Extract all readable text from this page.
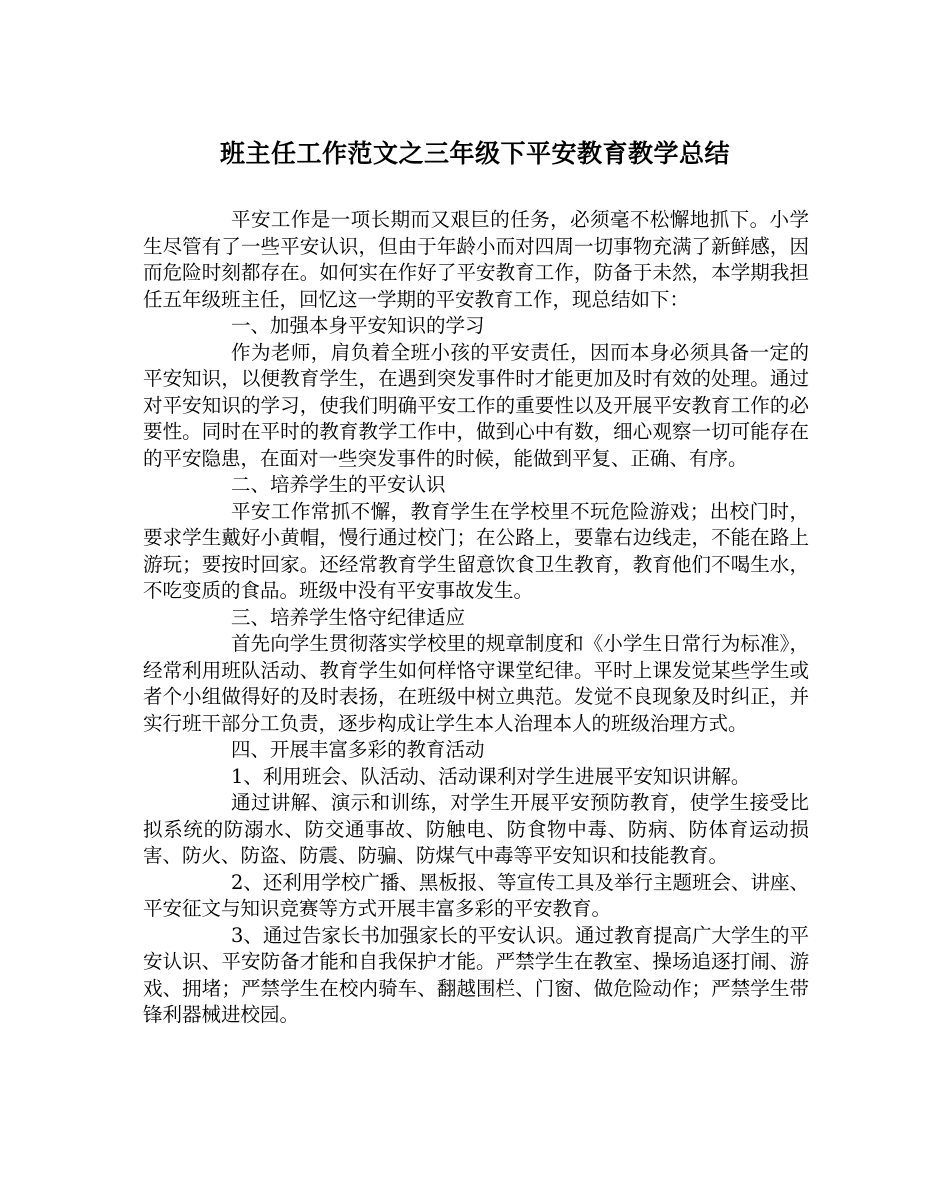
班主任工作范文之三年级下平安教育教学总结

平安工作是一项长期而又艰巨的任务，必须毫不松懈地抓下。小学生尽管有了一些平安认识，但由于年龄小而对四周一切事物充满了新鲜感，因而危险时刻都存在。如何实在作好了平安教育工作，防备于未然，本学期我担任五年级班主任，回忆这一学期的平安教育工作，现总结如下：

一、加强本身平安知识的学习

作为老师，肩负着全班小孩的平安责任，因而本身必须具备一定的平安知识，以便教育学生，在遇到突发事件时才能更加及时有效的处理。通过对平安知识的学习，使我们明确平安工作的重要性以及开展平安教育工作的必要性。同时在平时的教育教学工作中，做到心中有数，细心观察一切可能存在的平安隐患，在面对一些突发事件的时候，能做到平复、正确、有序。

二、培养学生的平安认识

平安工作常抓不懈，教育学生在学校里不玩危险游戏；出校门时，要求学生戴好小黄帽，慢行通过校门；在公路上，要靠右边线走，不能在路上游玩；要按时回家。还经常教育学生留意饮食卫生教育，教育他们不喝生水，不吃变质的食品。班级中没有平安事故发生。

三、培养学生恪守纪律适应

首先向学生贯彻落实学校里的规章制度和《小学生日常行为标准》，经常利用班队活动、教育学生如何样恪守课堂纪律。平时上课发觉某些学生或者个小组做得好的及时表扬，在班级中树立典范。发觉不良现象及时纠正，并实行班干部分工负责，逐步构成让学生本人治理本人的班级治理方式。

四、开展丰富多彩的教育活动

1、利用班会、队活动、活动课利对学生进展平安知识讲解。

通过讲解、演示和训练，对学生开展平安预防教育，使学生接受比拟系统的防溺水、防交通事故、防触电、防食物中毒、防病、防体育运动损害、防火、防盗、防震、防骗、防煤气中毒等平安知识和技能教育。

2、还利用学校广播、黑板报、等宣传工具及举行主题班会、讲座、平安征文与知识竞赛等方式开展丰富多彩的平安教育。

3、通过告家长书加强家长的平安认识。通过教育提高广大学生的平安认识、平安防备才能和自我保护才能。严禁学生在教室、操场追逐打闹、游戏、拥堵；严禁学生在校内骑车、翻越围栏、门窗、做危险动作；严禁学生带锋利器械进校园。
